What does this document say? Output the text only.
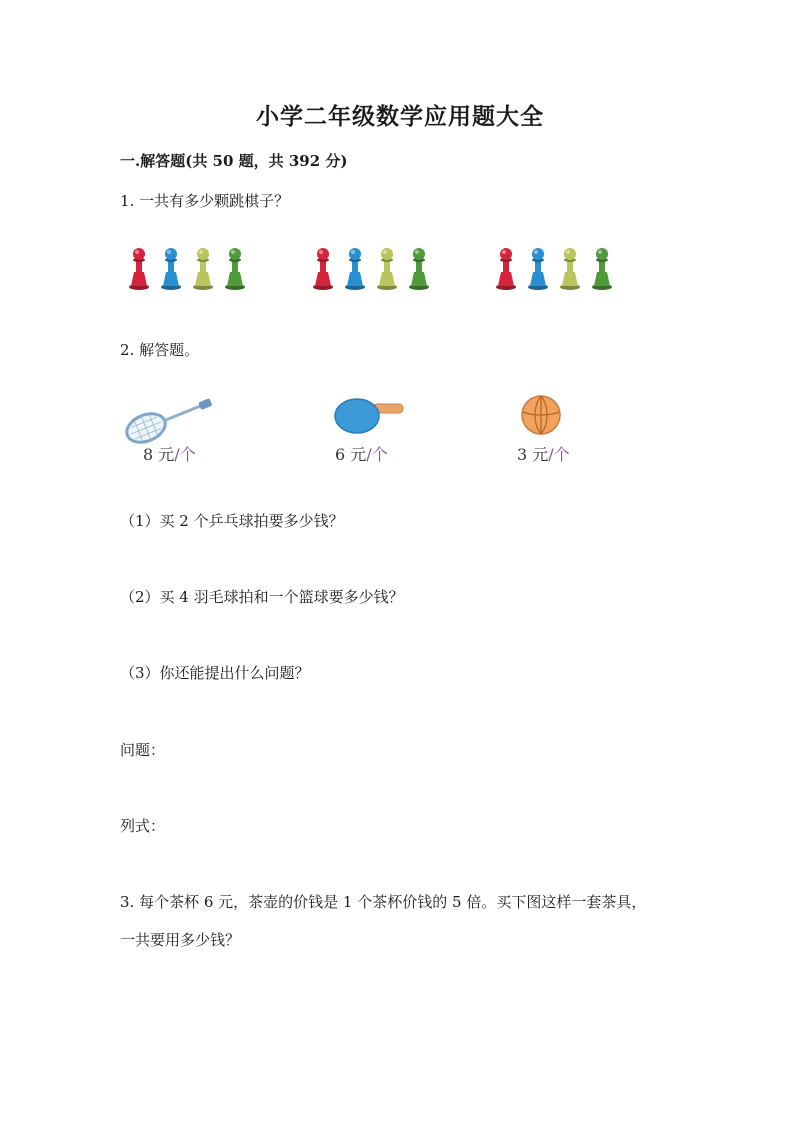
小学二年级数学应用题大全
一.解答题(共 50 题，共 392 分)
1. 一共有多少颗跳棋子？
2. 解答题。
8 元/个	6 元/个	3 元/个
（1）买 2 个乒乓球拍要多少钱？
（2）买 4 羽毛球拍和一个篮球要多少钱？
（3）你还能提出什么问题？
问题：
列式：
3. 每个茶杯 6 元，茶壶的价钱是 1 个茶杯价钱的 5 倍。买下图这样一套茶具，
一共要用多少钱？
